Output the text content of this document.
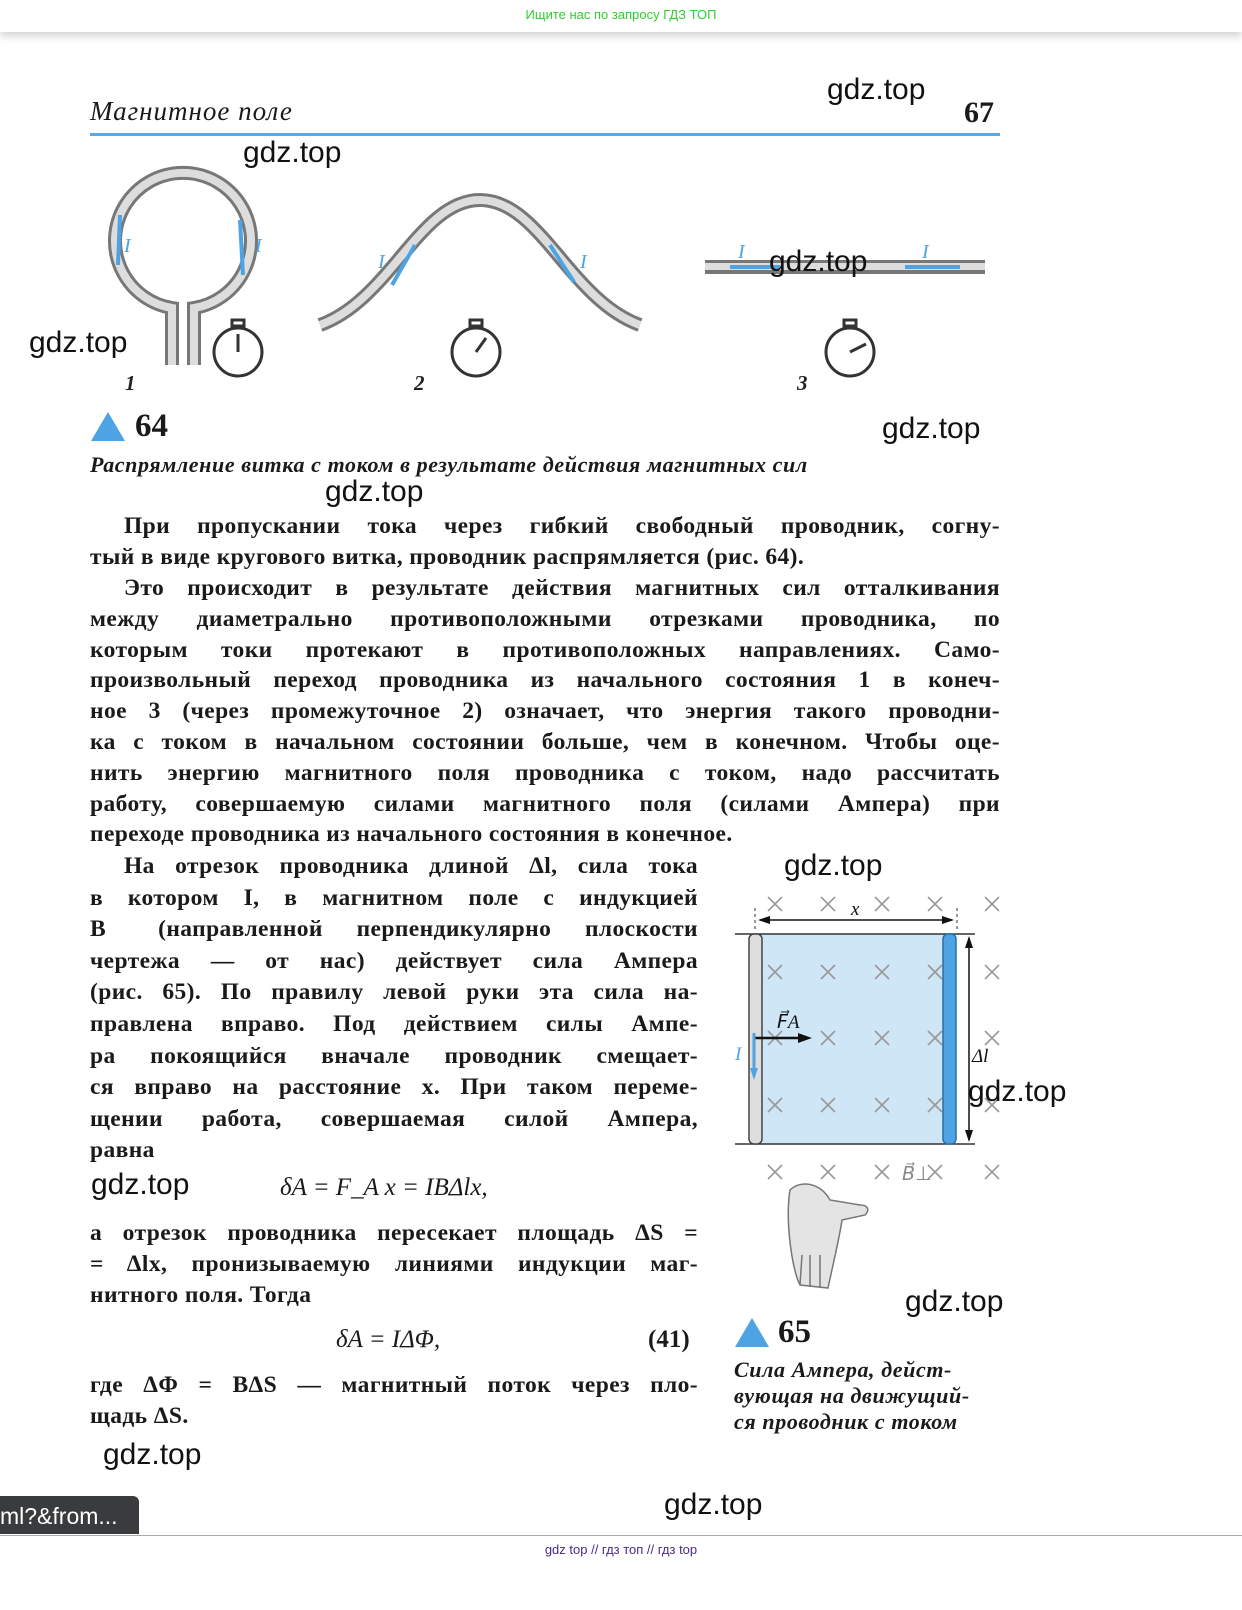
Ищите нас по запросу ГДЗ ТОП
Магнитное поле	67
I	I
I	I	I	I
1	2	3
64
Распрямление витка с током в результате действия магнитных сил
При пропускании тока через гибкий свободный проводник, согну-
тый в виде кругового витка, проводник распрямляется (рис. 64).
Это происходит в результате действия магнитных сил отталкивания
между диаметрально противоположными отрезками проводника, по
которым токи протекают в противоположных направлениях. Само-
произвольный переход проводника из начального состояния 1 в конеч-
ное 3 (через промежуточное 2) означает, что энергия такого проводни-
ка с током в начальном состоянии больше, чем в конечном. Чтобы оце-
нить энергию магнитного поля проводника с током, надо рассчитать
работу, совершаемую силами магнитного поля (силами Ампера) при
переходе проводника из начального состояния в конечное.
На отрезок проводника длиной Δl, сила тока
в котором I, в магнитном поле с индукцией
B⃗ (направленной перпендикулярно плоскости
чертежа — от нас) действует сила Ампера
(рис. 65). По правилу левой руки эта сила на-
правлена вправо. Под действием силы Ампе-
ра покоящийся вначале проводник смещает-
ся вправо на расстояние x. При таком переме-
щении работа, совершаемая силой Ампера,
равна
а отрезок проводника пересекает площадь ΔS =
= Δlx, пронизываемую линиями индукции маг-
нитного поля. Тогда
где ΔΦ = BΔS — магнитный поток через пло-
щадь ΔS.
δA = F_A x = IBΔlx,
δA = IΔΦ,	(41)
x
Δl
F⃗A
I
B⃗⊥
65
Сила Ампера, дейст-
вующая на движущий-
ся проводник с током
gdz.top
gdz.top
gdz.top
gdz.top
gdz.top
gdz.top
gdz.top
gdz.top
gdz.top
gdz.top
gdz.top
gdz.top
ml?&from...
gdz top // гдз топ // гдз top
